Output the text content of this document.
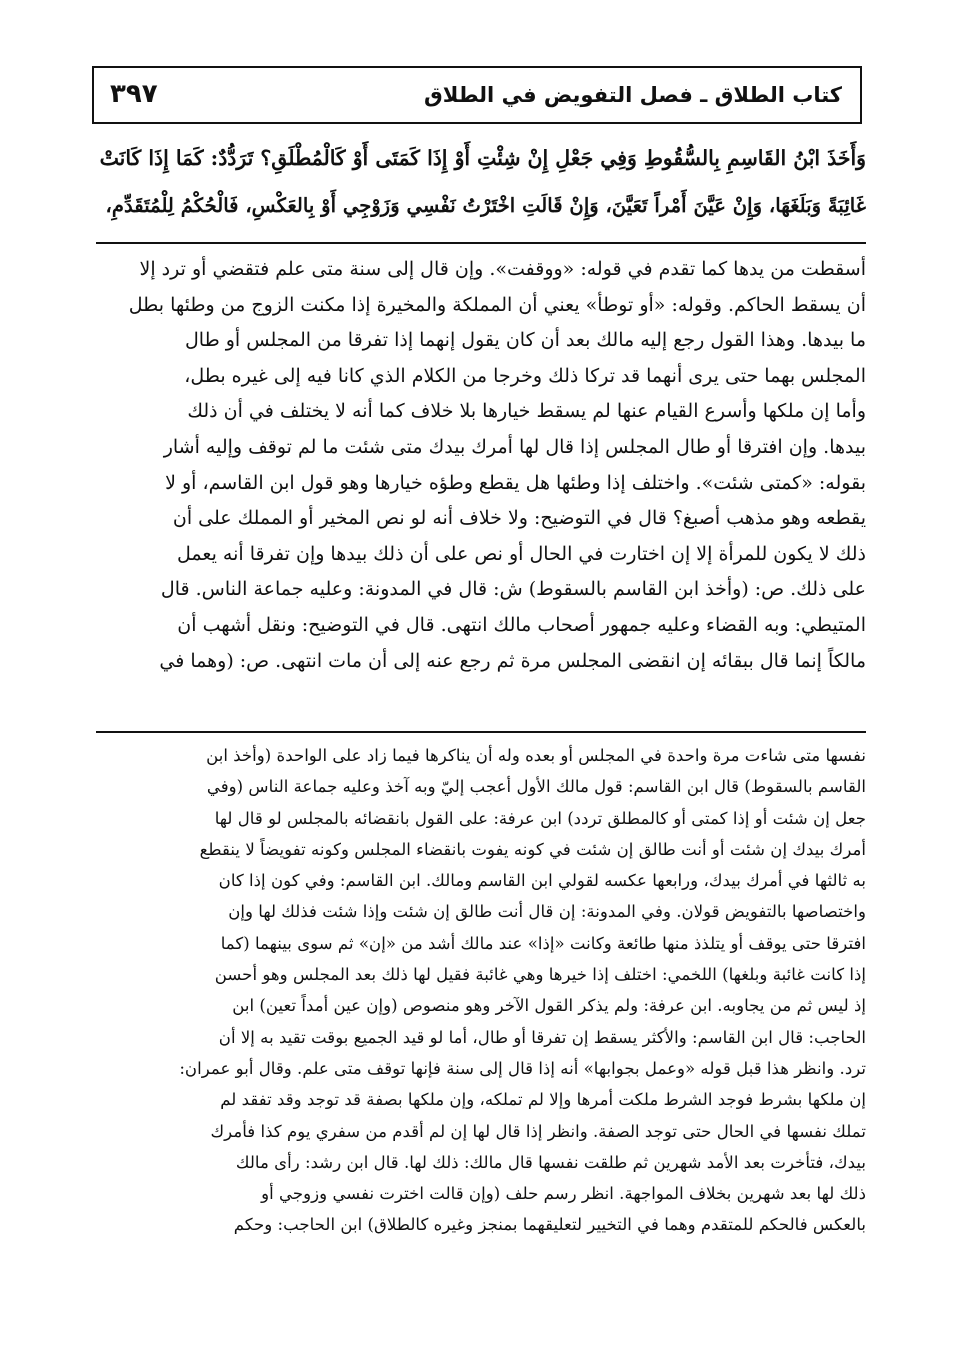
٣٩٧	كتاب الطلاق ـ فصل التفويض في الطلاق
وَأَخَذَ ابْنُ القَاسِمِ بِالسُّقُوطِ وَفِي جَعْلِ إِنْ شِئْتِ أَوْ إِذَا كَمَتَى أَوْ كَالْمُطْلَقِ؟ تَرَدُّدٌ: كَمَا إِذَا كَانَتْ
غَائِبَةً وَبَلَغَهَا، وَإِنْ عَيَّنَ أَمْراً تَعَيَّنَ، وَإِنْ قَالَتِ اخْتَرْتُ نَفْسِي وَزَوْجِي أَوْ بِالعَكْسِ، فَالْحُكْمُ لِلْمُتَقَدِّمِ،
أسقطت من يدها كما تقدم في قوله: «ووقفت». وإن قال إلى سنة متى علم فتقضي أو ترد إلا
أن يسقط الحاكم. وقوله: «أو توطأ» يعني أن المملكة والمخيرة إذا مكنت الزوج من وطئها بطل
ما بيدها. وهذا القول رجع إليه مالك بعد أن كان يقول إنهما إذا تفرقا من المجلس أو طال
المجلس بهما حتى يرى أنهما قد تركا ذلك وخرجا من الكلام الذي كانا فيه إلى غيره بطل،
وأما إن ملكها وأسرع القيام عنها لم يسقط خيارها بلا خلاف كما أنه لا يختلف في أن ذلك
بيدها. وإن افترقا أو طال المجلس إذا قال لها أمرك بيدك متى شئت ما لم توقف وإليه أشار
بقوله: «كمتى شئت». واختلف إذا وطئها هل يقطع وطؤه خيارها وهو قول ابن القاسم، أو لا
يقطعه وهو مذهب أصبغ؟ قال في التوضيح: ولا خلاف أنه لو نص المخير أو المملك على أن
ذلك لا يكون للمرأة إلا إن اختارت في الحال أو نص على أن ذلك بيدها وإن تفرقا أنه يعمل
على ذلك. ص: (وأخذ ابن القاسم بالسقوط) ش: قال في المدونة: وعليه جماعة الناس. قال
المتيطي: وبه القضاء وعليه جمهور أصحاب مالك انتهى. قال في التوضيح: ونقل أشهب أن
مالكاً إنما قال ببقائه إن انقضى المجلس مرة ثم رجع عنه إلى أن مات انتهى. ص: (وهما في
نفسها متى شاءت مرة واحدة في المجلس أو بعده وله أن يناكرها فيما زاد على الواحدة (وأخذ ابن
القاسم بالسقوط) قال ابن القاسم: قول مالك الأول أعجب إليّ وبه آخذ وعليه جماعة الناس (وفي
جعل إن شئت أو إذا كمتى أو كالمطلق تردد) ابن عرفة: على القول بانقضائه بالمجلس لو قال لها
أمرك بيدك إن شئت أو أنت طالق إن شئت في كونه يفوت بانقضاء المجلس وكونه تفويضاً لا ينقطع
به ثالثها في أمرك بيدك، ورابعها عكسه لقولي ابن القاسم ومالك. ابن القاسم: وفي كون إذا كان
واختصاصها بالتفويض قولان. وفي المدونة: إن قال أنت طالق إن شئت وإذا شئت فذلك لها وإن
افترقا حتى يوقف أو يتلذذ منها طائعة وكانت «إذا» عند مالك أشد من «إن» ثم سوى بينهما (كما
إذا كانت غائبة وبلغها) اللخمي: اختلف إذا خيرها وهي غائبة فقيل لها ذلك بعد المجلس وهو أحسن
إذ ليس ثم من يجاوبه. ابن عرفة: ولم يذكر القول الآخر وهو منصوص (وإن عين أمداً تعين) ابن
الحاجب: قال ابن القاسم: والأكثر يسقط إن تفرقا أو طال، أما لو قيد الجميع بوقت تقيد به إلا أن
ترد. وانظر هذا قبل قوله «وعمل بجوابها» أنه إذا قال إلى سنة فإنها توقف متى علم. وقال أبو عمران:
إن ملكها بشرط فوجد الشرط ملكت أمرها وإلا لم تملكه، وإن ملكها بصفة قد توجد وقد تفقد لم
تملك نفسها في الحال حتى توجد الصفة. وانظر إذا قال لها إن لم أقدم من سفري يوم كذا فأمرك
بيدك، فتأخرت بعد الأمد شهرين ثم طلقت نفسها قال مالك: ذلك لها. قال ابن رشد: رأى مالك
ذلك لها بعد شهرين بخلاف المواجهة. انظر رسم حلف (وإن قالت اخترت نفسي وزوجي أو
بالعكس فالحكم للمتقدم وهما في التخيير لتعليقهما بمنجز وغيره كالطلاق) ابن الحاجب: وحكم
